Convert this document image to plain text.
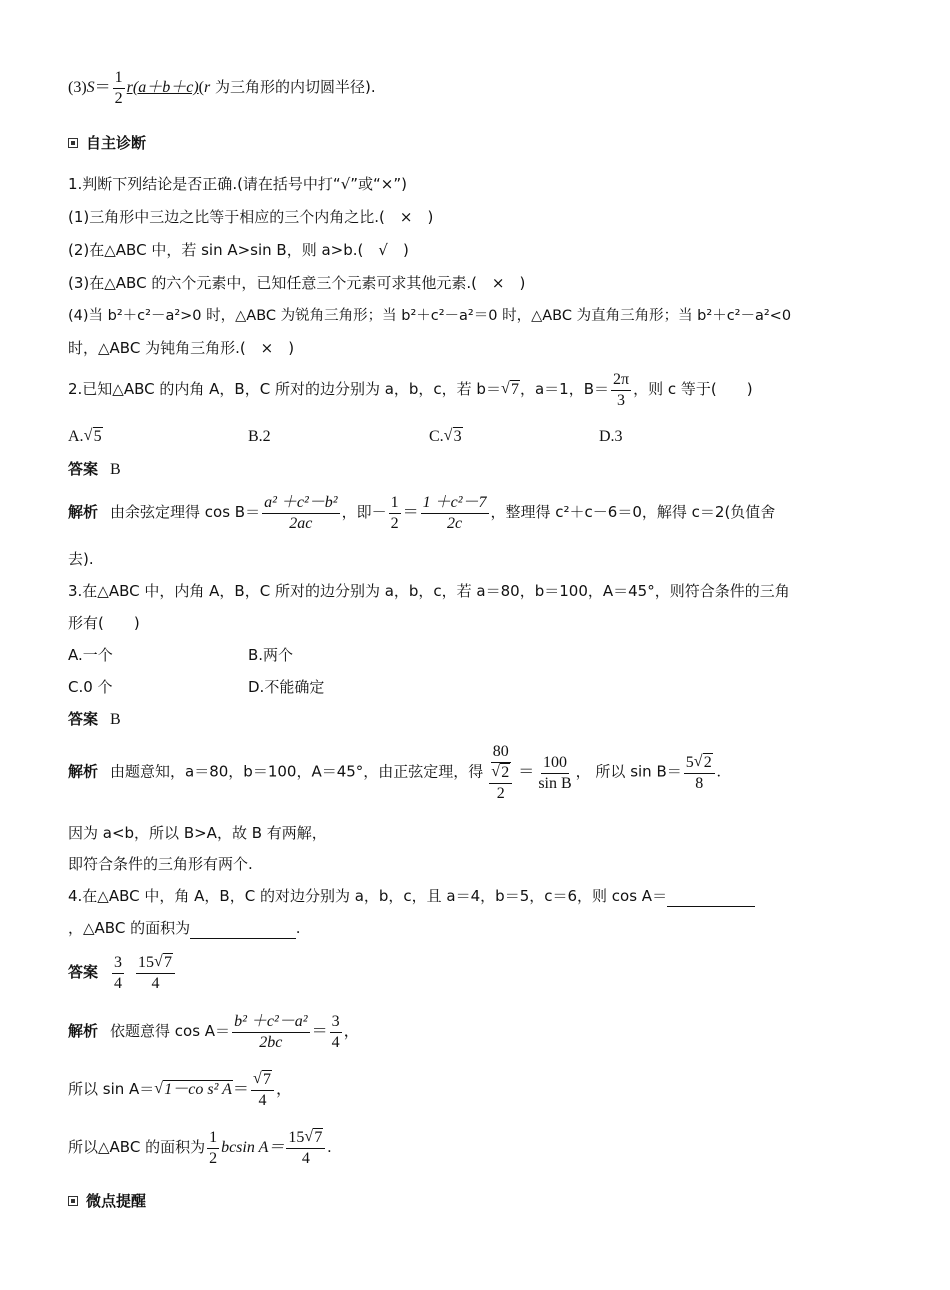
$(3)S= \frac{1}{2} r(a+b+c)(r$ 为三角形的内切圆半径).
自主诊断
1.判断下列结论是否正确.(请在括号中打“√”或“×”)
(1)三角形中三边之比等于相应的三个内角之比.(　×　)
(2)在△ABC 中，若 sin A>sin B，则 a>b.(　√　)
(3)在△ABC 的六个元素中，已知任意三个元素可求其他元素.(　×　)
(4)当 b²＋c²－a²>0 时，△ABC 为锐角三角形；当 b²＋c²－a²＝0 时，△ABC 为直角三角形；当 b²＋c²－a²<0
时，△ABC 为钝角三角形.(　×　)
2.已知△ABC 的内角 A，B，C 所对的边分别为 a，b，c，若 b＝ √ 7，a＝1，$B= \frac{2\pi}{3}$ ，则 c 等于(　　)
A. √ 5	B.2	C. √ 3	D.3
答案 B
解析 由余弦定理得 $\cos B= \frac{\text{a² ＋c²－b²}}{2ac}$ ，即－ $\frac{1}{2} = \frac{\text{1 ＋c²－7}}{2c}$ ，整理得 c²＋c－6＝0，解得 c＝2(负值舍
去).
3.在△ABC 中，内角 A，B，C 所对的边分别为 a，b，c，若 a＝80，b＝100，A＝45°，则符合条件的三角
形有(　　)
A.一个	B.两个
C.0 个	D.不能确定
答案 B
解析 由题意知，a＝80，b＝100，A＝45°，由正弦定理，得 $\frac{80}{\frac{√ 2}{2}} = \frac{100}{\text{sin B}}$ ， 所以 $\sin B= \frac{5 √ 2}{8}$ .
因为 a<b，所以 B>A，故 B 有两解，
即符合条件的三角形有两个.
4.在△ABC 中，角 A，B，C 的对边分别为 a，b，c，且 a＝4，b＝5，c＝6，则 cos A＝
，△ABC 的面积为	.
答案 $\frac{3}{4}$
$\frac{15 √ 7}{4}$
解析 依题意得 $\cos A= \frac{\text{b² ＋c²－a²}}{2bc} = \frac{3}{4}$ ，
所以 sin A＝ √ 1－co s² $A= \frac{√ 7}{4}$ ，
所以△ABC 的面积为 $\frac{1}{2}$ bcsin $A= \frac{15 √ 7}{4}$ .
微点提醒
